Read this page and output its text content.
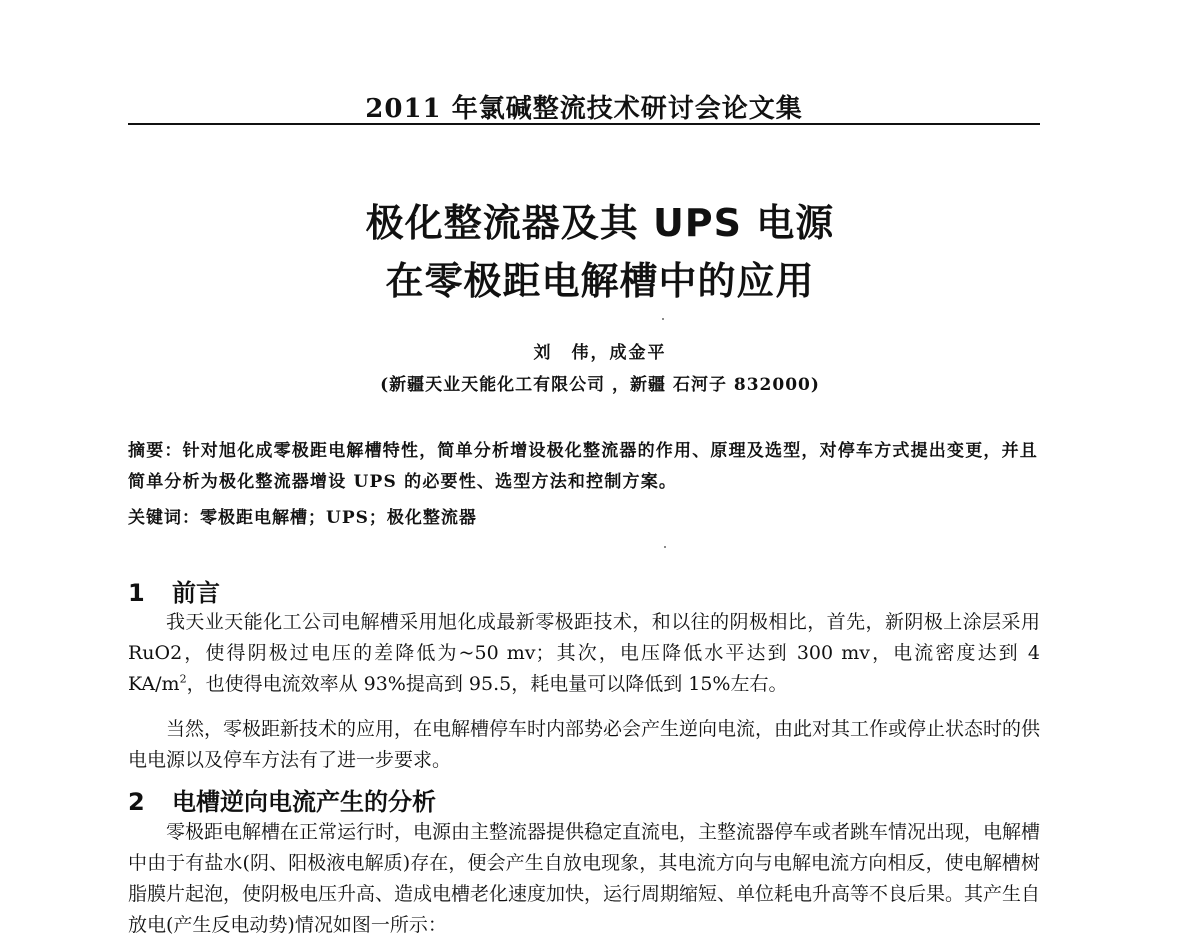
2011 年氯碱整流技术研讨会论文集
极化整流器及其 UPS 电源
在零极距电解槽中的应用
刘　伟，成金平
(新疆天业天能化工有限公司 ，新疆 石河子 832000)
摘要：针对旭化成零极距电解槽特性，简单分析增设极化整流器的作用、原理及选型，对停车方式提出变更，并且简单分析为极化整流器增设 UPS 的必要性、选型方法和控制方案。
关键词：零极距电解槽；UPS；极化整流器
1 前言
我天业天能化工公司电解槽采用旭化成最新零极距技术，和以往的阴极相比，首先，新阴极上涂层采用 RuO2，使得阴极过电压的差降低为~50 mv；其次，电压降低水平达到 300 mv，电流密度达到 4 $KA/m^2$，也使得电流效率从 93%提高到 95.5，耗电量可以降低到 15%左右。
当然，零极距新技术的应用，在电解槽停车时内部势必会产生逆向电流，由此对其工作或停止状态时的供电电源以及停车方法有了进一步要求。
2 电槽逆向电流产生的分析
零极距电解槽在正常运行时，电源由主整流器提供稳定直流电，主整流器停车或者跳车情况出现，电解槽中由于有盐水(阴、阳极液电解质)存在，便会产生自放电现象，其电流方向与电解电流方向相反，使电解槽树脂膜片起泡，使阴极电压升高、造成电槽老化速度加快，运行周期缩短、单位耗电升高等不良后果。其产生自放电(产生反电动势)情况如图一所示：
